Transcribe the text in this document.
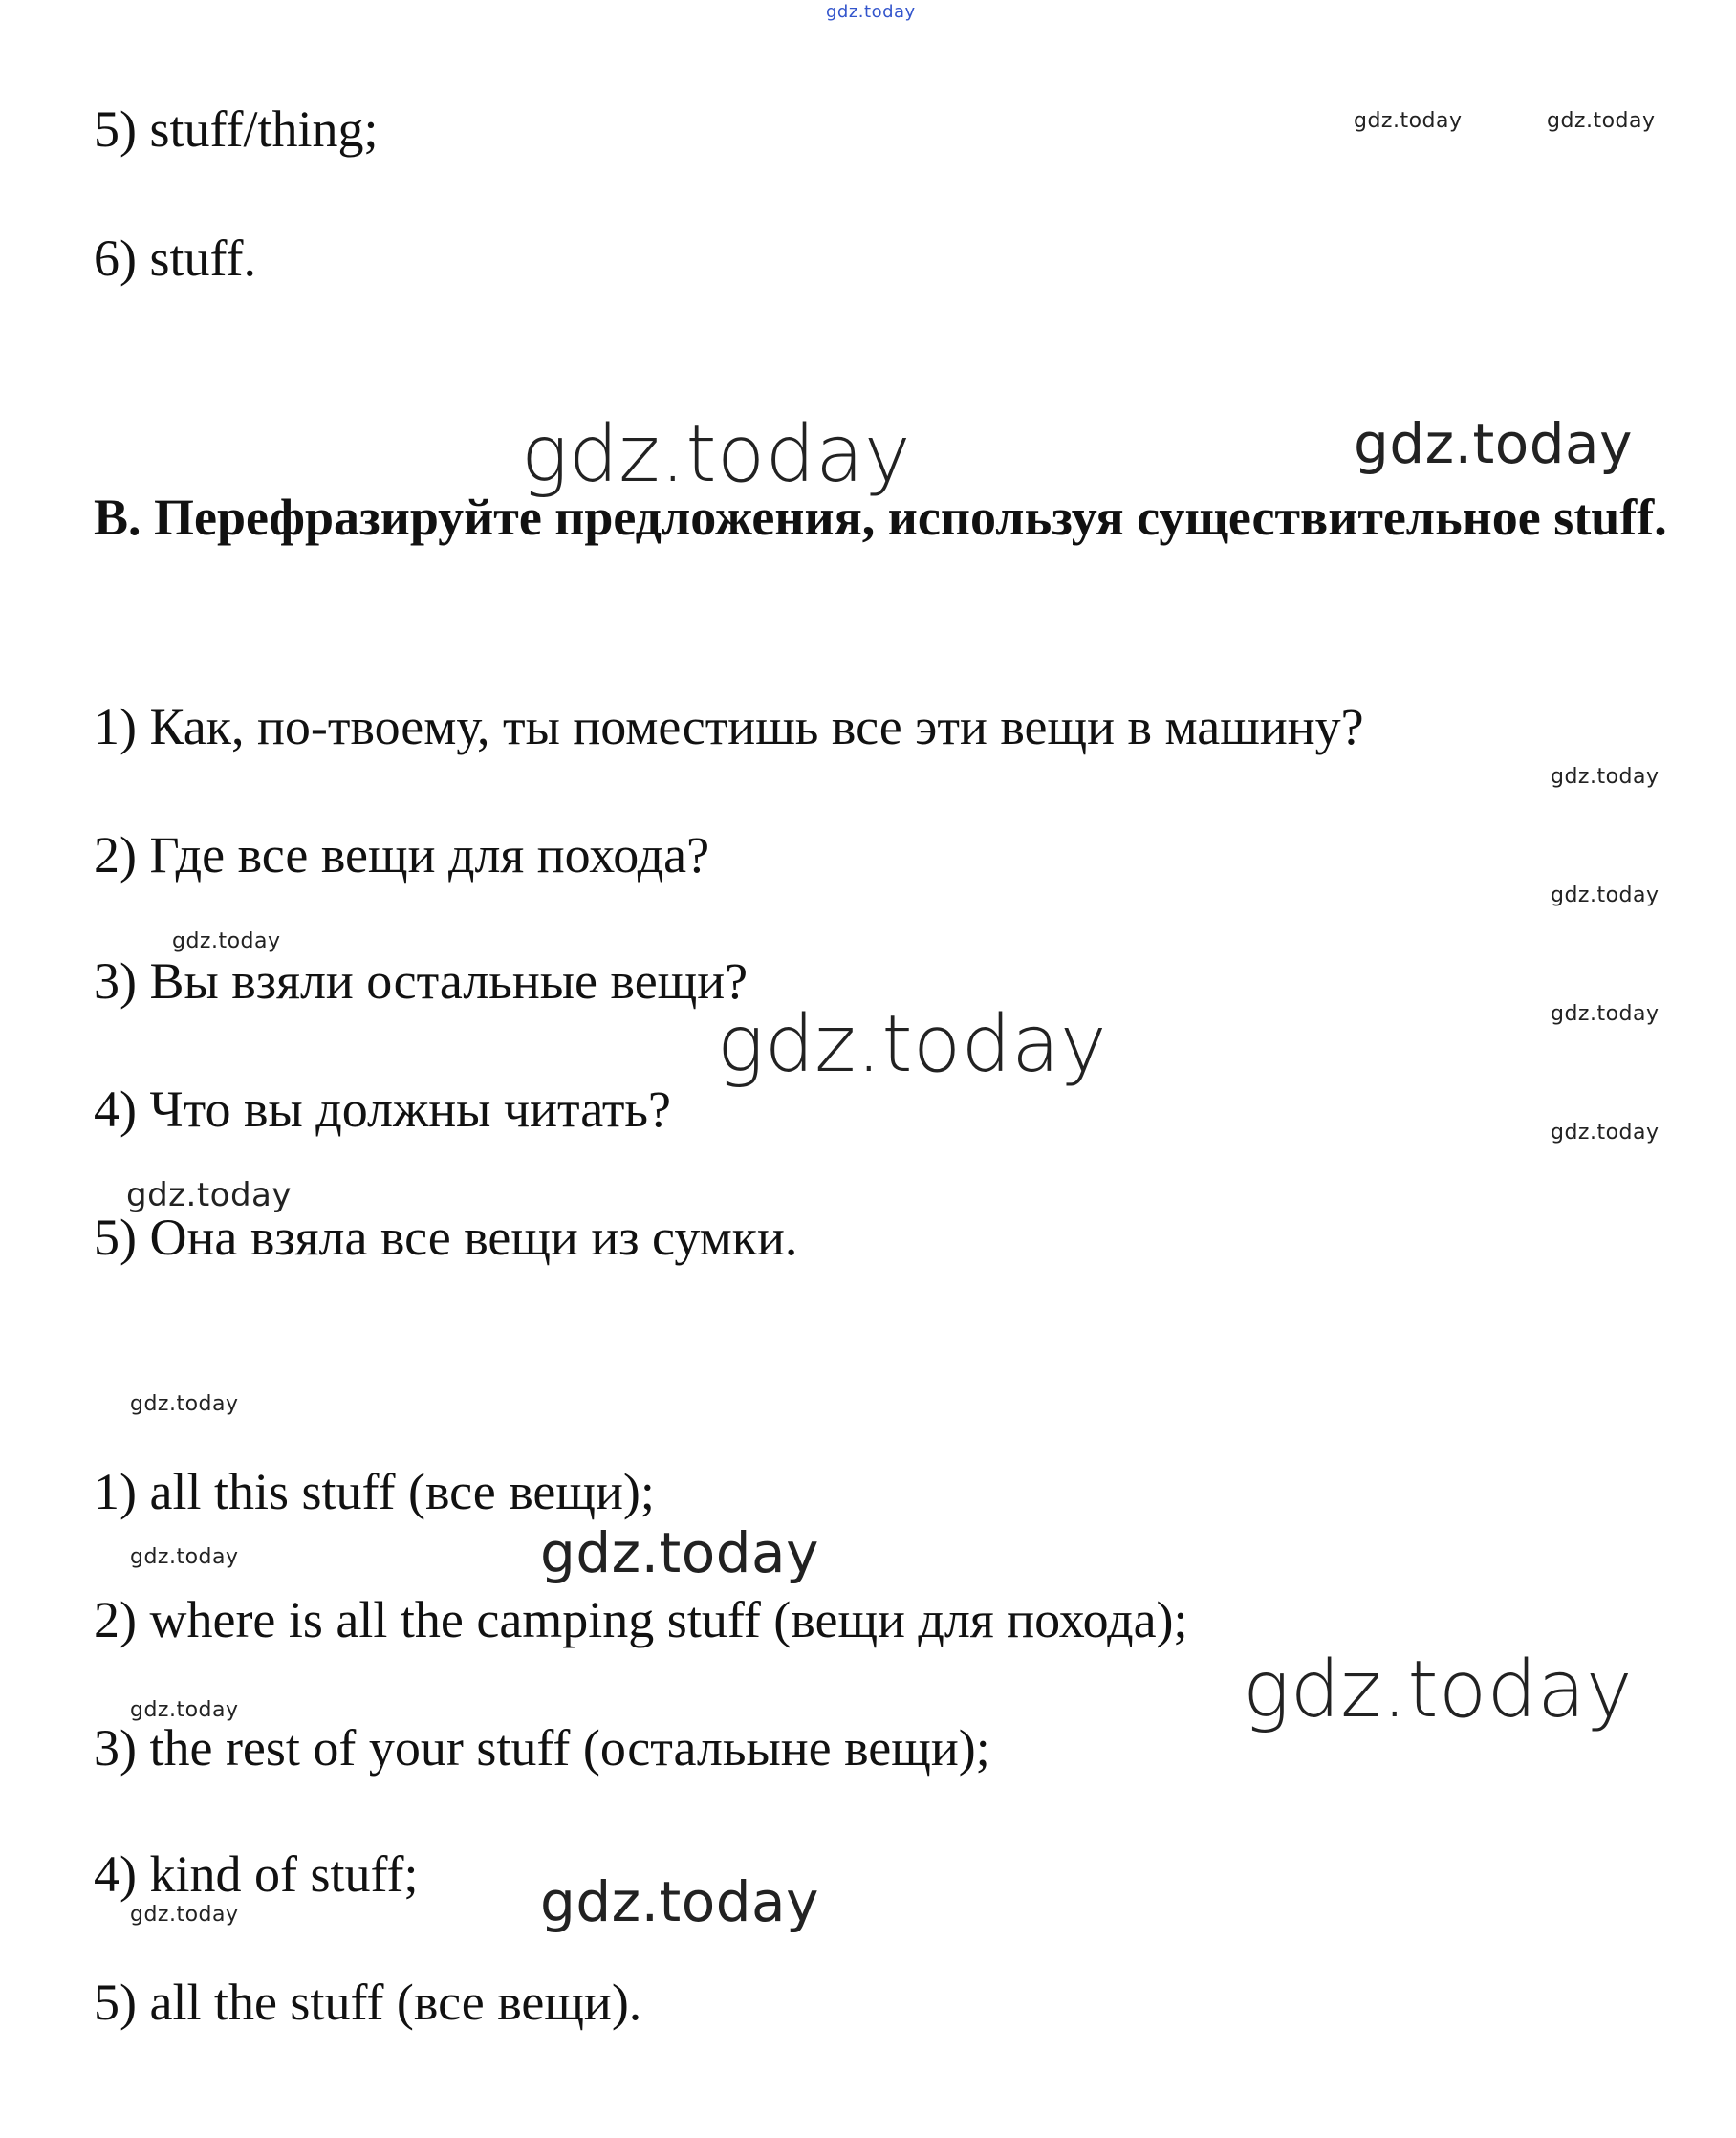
gdz.today
gdz.today	gdz.today
gdz.today
gdz.today
gdz.today
gdz.today
gdz.today
gdz.today
gdz.today
gdz.today
gdz.today
gdz.today
gdz.today	gdz.today
gdz.today
gdz.today
gdz.today	gdz.today

5) stuff/thing;

6) stuff.

B. Перефразируйте предложения, используя существительное stuff.

1) Как, по-твоему, ты поместишь все эти вещи в машину?

2) Где все вещи для похода?

3) Вы взяли остальные вещи?

4) Что вы должны читать?

5) Она взяла все вещи из сумки.

1) all this stuff (все вещи);

2) where is all the camping stuff (вещи для похода);

3) the rest of your stuff (остальыне вещи);

4) kind of stuff;

5) all the stuff (все вещи).
